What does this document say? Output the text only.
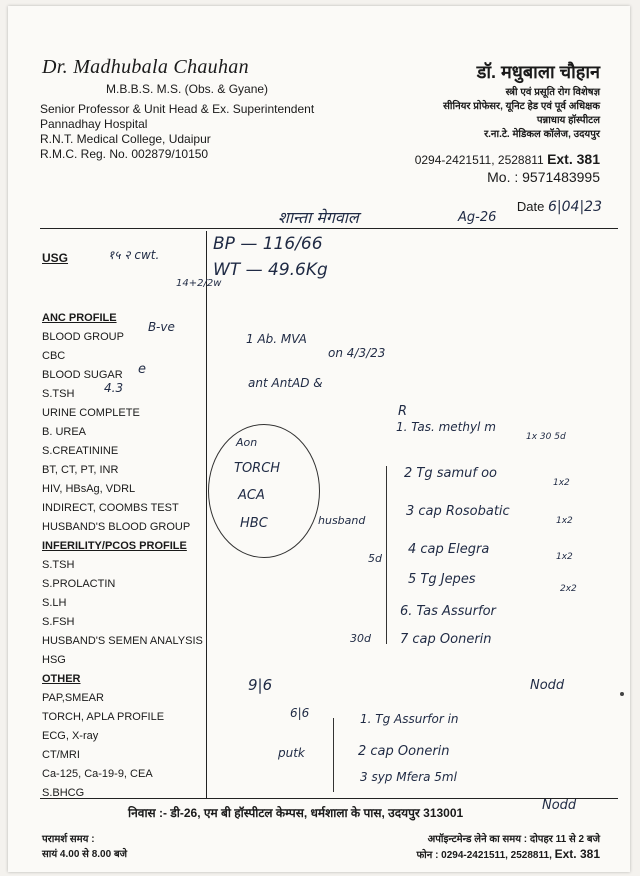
Dr. Madhubala Chauhan
M.B.B.S. M.S. (Obs. & Gyane)
Senior Professor & Unit Head & Ex. Superintendent
Pannadhay Hospital
R.N.T. Medical College, Udaipur
R.M.C. Reg. No. 002879/10150
डॉ. मधुबाला चौहान
स्त्री एवं प्रसूति रोग विशेषज्ञ
सीनियर प्रोफेसर, यूनिट हेड एवं पूर्व अधिक्षक
पन्नाधाय हॉस्पीटल
र.ना.टे. मेडिकल कॉलेज, उदयपुर
0294-2421511, 2528811 Ext. 381
Mo. : 9571483995
Date 6|04|23
शान्ता मेगवाल	Ag-26
USG
ANC PROFILE
BLOOD GROUP
CBC
BLOOD SUGAR
S.TSH
URINE COMPLETE
B. UREA
S.CREATININE
BT, CT, PT, INR
HIV, HBsAg, VDRL
INDIRECT, COOMBS TEST
HUSBAND'S BLOOD GROUP
INFERILITY/PCOS PROFILE
S.TSH
S.PROLACTIN
S.LH
S.FSH
HUSBAND'S SEMEN ANALYSIS
HSG
OTHER
PAP,SMEAR
TORCH, APLA PROFILE
ECG, X-ray
CT/MRI
Ca-125, Ca-19-9, CEA
S.BHCG
१५ २ cwt.
14+2/2w
B-ve
e
4.3
BP — 116/66
WT — 49.6Kg
1 Ab. MVA
on 4/3/23
ant AntAD &
Aon
TORCH
ACA
HBC	husband
R
5d
30d
1. Tas. methyl m
1x 30 5d
2 Tg samuf oo
1x2
3 cap Rosobatic
1x2
4 cap Elegra	1x2
5 Tg Jepes
2x2
6. Tas Assurfor
7 cap Oonerin
9|6
6|6
Nodd
putk
1. Tg Assurfor in
2 cap Oonerin
3 syp Mfera 5ml
निवास :- डी-26, एम बी हॉस्पीटल केम्पस, धर्मशाला के पास, उदयपुर 313001	Nodd
परामर्श समय :
सायं 4.00 से 8.00 बजे
अपॉइन्टमेन्ड लेने का समय : दोपहर 11 से 2 बजे
फोन : 0294-2421511, 2528811, Ext. 381
